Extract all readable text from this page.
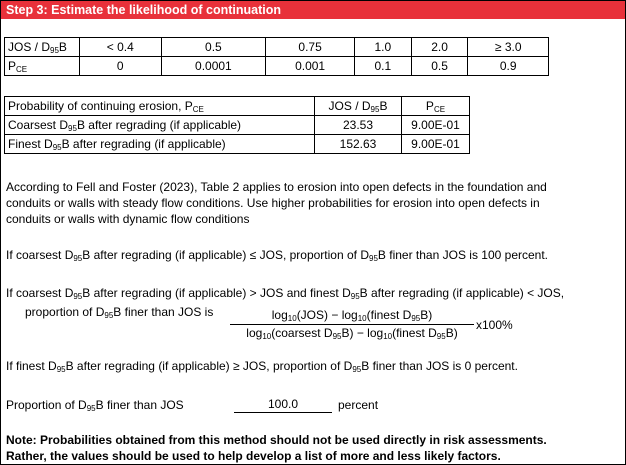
Step 3: Estimate the likelihood of continuation
JOS / $D_{95}B$	< 0.4	0.5	0.75	1.0	2.0	≥ 3.0
$P_{CE}$	0	0.0001	0.001	0.1	0.5	0.9
Probability of continuing erosion, $P_{CE}$	JOS / $D_{95}B$	$P_{CE}$
Coarsest $D_{95}B$ after regrading (if applicable)	23.53	9.00E-01
Finest $D_{95}B$ after regrading (if applicable)	152.63	9.00E-01
According to Fell and Foster (2023), Table 2 applies to erosion into open defects in the foundation and
conduits or walls with steady flow conditions. Use higher probabilities for erosion into open defects in
conduits or walls with dynamic flow conditions
If coarsest $D_{95}B$ after regrading (if applicable) ≤ JOS, proportion of $D_{95}B$ finer than JOS is 100 percent.
If coarsest $D_{95}B$ after regrading (if applicable) > JOS and finest $D_{95}B$ after regrading (if applicable) < JOS,
proportion of $D_{95}B$ finer than JOS is	$\log_{10}(JOS)$ − $\log_{10}(finest$ $D_{95}B$)
$\log_{10}(coarsest$ $D_{95}B$) − $\log_{10}(finest$ $D_{95}B$)
x100%
If finest $D_{95}B$ after regrading (if applicable) ≥ JOS, proportion of $D_{95}B$ finer than JOS is 0 percent.
Proportion of $D_{95}B$ finer than JOS	100.0	percent
Note: Probabilities obtained from this method should not be used directly in risk assessments.
Rather, the values should be used to help develop a list of more and less likely factors.
